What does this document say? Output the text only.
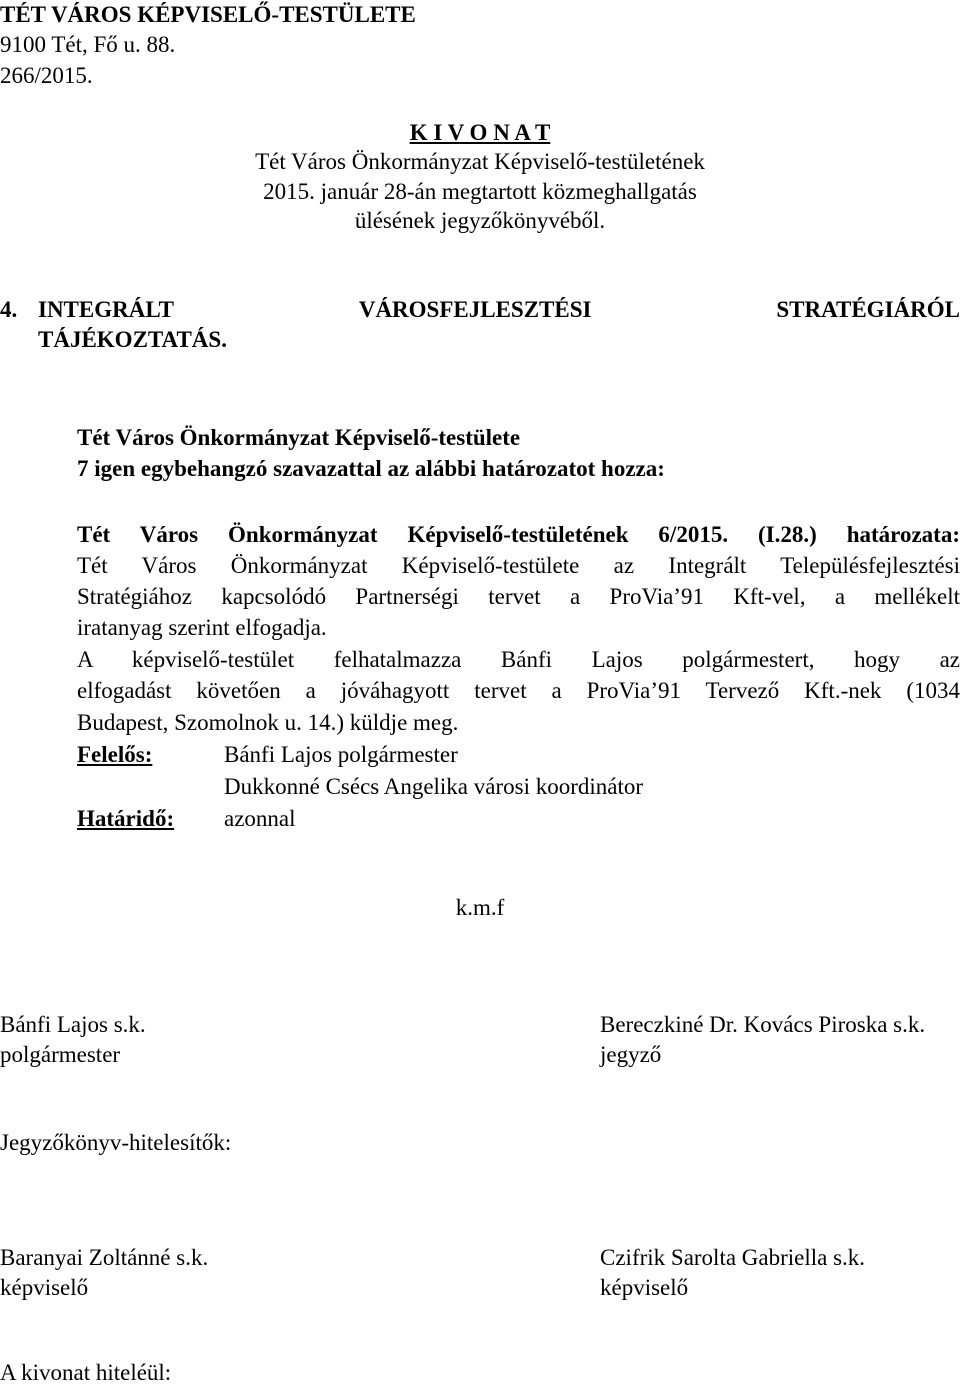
TÉT VÁROS KÉPVISELŐ-TESTÜLETE
9100 Tét, Fő u. 88.
266/2015.
K I V O N A T
Tét Város Önkormányzat Képviselő-testületének
2015. január 28-án megtartott közmeghallgatás
ülésének jegyzőkönyvéből.
4. INTEGRÁLT	VÁROSFEJLESZTÉSI	STRATÉGIÁRÓL
TÁJÉKOZTATÁS.
Tét Város Önkormányzat Képviselő-testülete
7 igen egybehangzó szavazattal az alábbi határozatot hozza:
Tét Város Önkormányzat Képviselő-testületének 6/2015. (I.28.) határozata:
Tét Város Önkormányzat Képviselő-testülete az Integrált Településfejlesztési
Stratégiához kapcsolódó Partnerségi tervet a ProVia’91 Kft-vel, a mellékelt
iratanyag szerint elfogadja.
A képviselő-testület felhatalmazza Bánfi Lajos polgármestert, hogy az
elfogadást követően a jóváhagyott tervet a ProVia’91 Tervező Kft.-nek (1034
Budapest, Szomolnok u. 14.) küldje meg.
Felelős:	Bánfi Lajos polgármester
Dukkonné Csécs Angelika városi koordinátor
Határidő: azonnal
k.m.f
Bánfi Lajos s.k.
polgármester
Bereczkiné Dr. Kovács Piroska s.k.
jegyző
Jegyzőkönyv-hitelesítők:
Baranyai Zoltánné s.k.
képviselő
Czifrik Sarolta Gabriella s.k.
képviselő
A kivonat hiteléül:
